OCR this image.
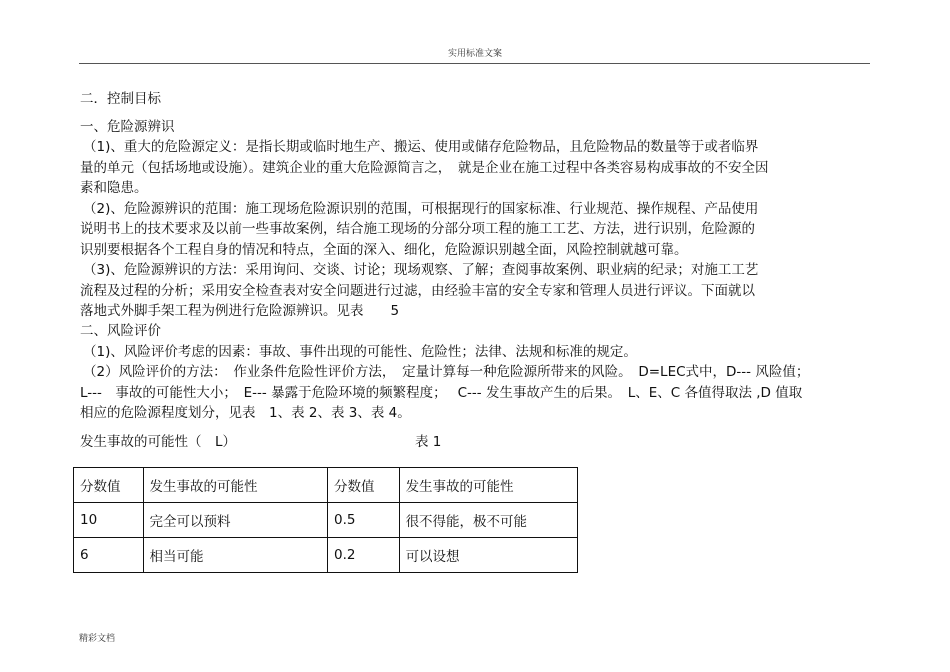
实用标准文案
二．控制目标
一、危险源辨识
（1)、重大的危险源定义：是指长期或临时地生产、搬运、使用或储存危险物品，且危险物品的数量等于或者临界
量的单元（包括场地或设施）。建筑企业的重大危险源简言之，　就是企业在施工过程中各类容易构成事故的不安全因
素和隐患。
（2)、危险源辨识的范围：施工现场危险源识别的范围，可根据现行的国家标准、行业规范、操作规程、产品使用
说明书上的技术要求及以前一些事故案例，结合施工现场的分部分项工程的施工工艺、方法，进行识别，危险源的
识别要根据各个工程自身的情况和特点，全面的深入、细化，危险源识别越全面，风险控制就越可靠。
（3)、危险源辨识的方法：采用询问、交谈、讨论；现场观察、了解；查阅事故案例、职业病的纪录；对施工工艺
流程及过程的分析；采用安全检查表对安全问题进行过滤，由经验丰富的安全专家和管理人员进行评议。下面就以
落地式外脚手架工程为例进行危险源辨识。见表　　5
二、风险评价
（1)、风险评价考虑的因素：事故、事件出现的可能性、危险性；法律、法规和标准的规定。
（2）风险评价的方法：　作业条件危险性评价方法，　定量计算每一种危险源所带来的风险。　D=LEC式中，D--- 风险值；
L---　事故的可能性大小；　E--- 暴露于危险环境的频繁程度；　 C--- 发生事故产生的后果。　L、E、C 各值得取法 ,D 值取
相应的危险源程度划分，见表　1、表 2、表 3、表 4。
发生事故的可能性（　L）	表 1
分数值	发生事故的可能性	分数值	发生事故的可能性
10	完全可以预料	0.5	很不得能，极不可能
6	相当可能	0.2	可以设想
精彩文档
